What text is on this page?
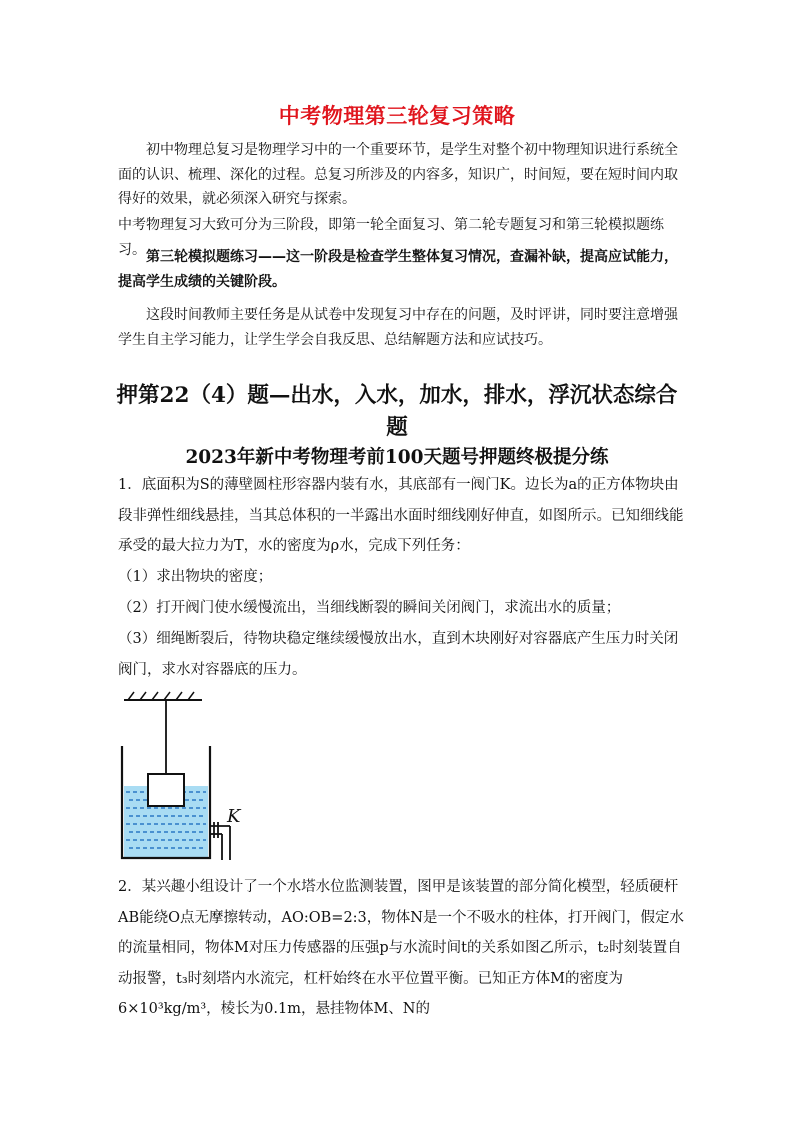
中考物理第三轮复习策略
初中物理总复习是物理学习中的一个重要环节，是学生对整个初中物理知识进行系统全面的认识、梳理、深化的过程。总复习所涉及的内容多，知识广，时间短，要在短时间内取得好的效果，就必须深入研究与探索。
中考物理复习大致可分为三阶段，即第一轮全面复习、第二轮专题复习和第三轮模拟题练习。 第三轮模拟题练习——这一阶段是检查学生整体复习情况，查漏补缺，提高应试能力，提高学生成绩的关键阶段。
这段时间教师主要任务是从试卷中发现复习中存在的问题，及时评讲，同时要注意增强学生自主学习能力，让学生学会自我反思、总结解题方法和应试技巧。
押第22（4）题—出水，入水，加水，排水，浮沉状态综合题
2023年新中考物理考前100天题号押题终极提分练
1．底面积为S的薄壁圆柱形容器内装有水，其底部有一阀门K。边长为a的正方体物块由段非弹性细线悬挂，当其总体积的一半露出水面时细线刚好伸直，如图所示。已知细线能承受的最大拉力为T，水的密度为ρ水，完成下列任务：
（1）求出物块的密度；
（2）打开阀门使水缓慢流出，当细线断裂的瞬间关闭阀门，求流出水的质量；
（3）细绳断裂后，待物块稳定继续缓慢放出水，直到木块刚好对容器底产生压力时关闭阀门，求水对容器底的压力。
K
2．某兴趣小组设计了一个水塔水位监测装置，图甲是该装置的部分简化模型，轻质硬杆AB能绕O点无摩擦转动，AO:OB=2:3，物体N是一个不吸水的柱体，打开阀门，假定水的流量相同，物体M对压力传感器的压强p与水流时间t的关系如图乙所示，t₂时刻装置自动报警，t₃时刻塔内水流完，杠杆始终在水平位置平衡。已知正方体M的密度为6×10³kg/m³，棱长为0.1m，悬挂物体M、N的
